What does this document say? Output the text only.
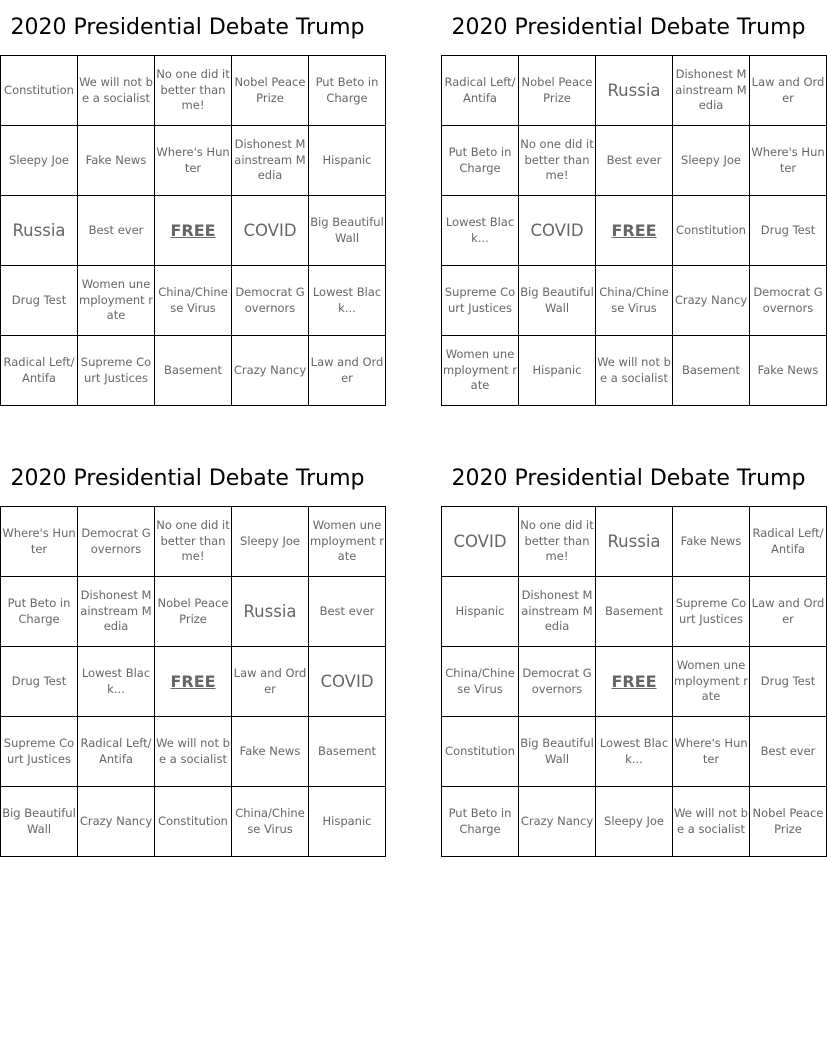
2020 Presidential Debate Trump
Constitution	We will not be a socialist	No one did it better than me!	Nobel Peace Prize	Put Beto in Charge
Sleepy Joe	Fake News	Where's Hunter	Dishonest Mainstream Media	Hispanic
Russia	Best ever	FREE	COVID	Big Beautiful Wall
Drug Test	Women unemployment rate	China/Chinese Virus	Democrat Governors	Lowest Black...
Radical Left/Antifa	Supreme Court Justices	Basement	Crazy Nancy	Law and Order
2020 Presidential Debate Trump
Radical Left/Antifa	Nobel Peace Prize	Russia	Dishonest Mainstream Media	Law and Order
Put Beto in Charge	No one did it better than me!	Best ever	Sleepy Joe	Where's Hunter
Lowest Black...	COVID	FREE	Constitution	Drug Test
Supreme Court Justices	Big Beautiful Wall	China/Chinese Virus	Crazy Nancy	Democrat Governors
Women unemployment rate	Hispanic	We will not be a socialist	Basement	Fake News
2020 Presidential Debate Trump
Where's Hunter	Democrat Governors	No one did it better than me!	Sleepy Joe	Women unemployment rate
Put Beto in Charge	Dishonest Mainstream Media	Nobel Peace Prize	Russia	Best ever
Drug Test	Lowest Black...	FREE	Law and Order	COVID
Supreme Court Justices	Radical Left/Antifa	We will not be a socialist	Fake News	Basement
Big Beautiful Wall	Crazy Nancy	Constitution	China/Chinese Virus	Hispanic
2020 Presidential Debate Trump
COVID	No one did it better than me!	Russia	Fake News	Radical Left/Antifa
Hispanic	Dishonest Mainstream Media	Basement	Supreme Court Justices	Law and Order
China/Chinese Virus	Democrat Governors	FREE	Women unemployment rate	Drug Test
Constitution	Big Beautiful Wall	Lowest Black...	Where's Hunter	Best ever
Put Beto in Charge	Crazy Nancy	Sleepy Joe	We will not be a socialist	Nobel Peace Prize
